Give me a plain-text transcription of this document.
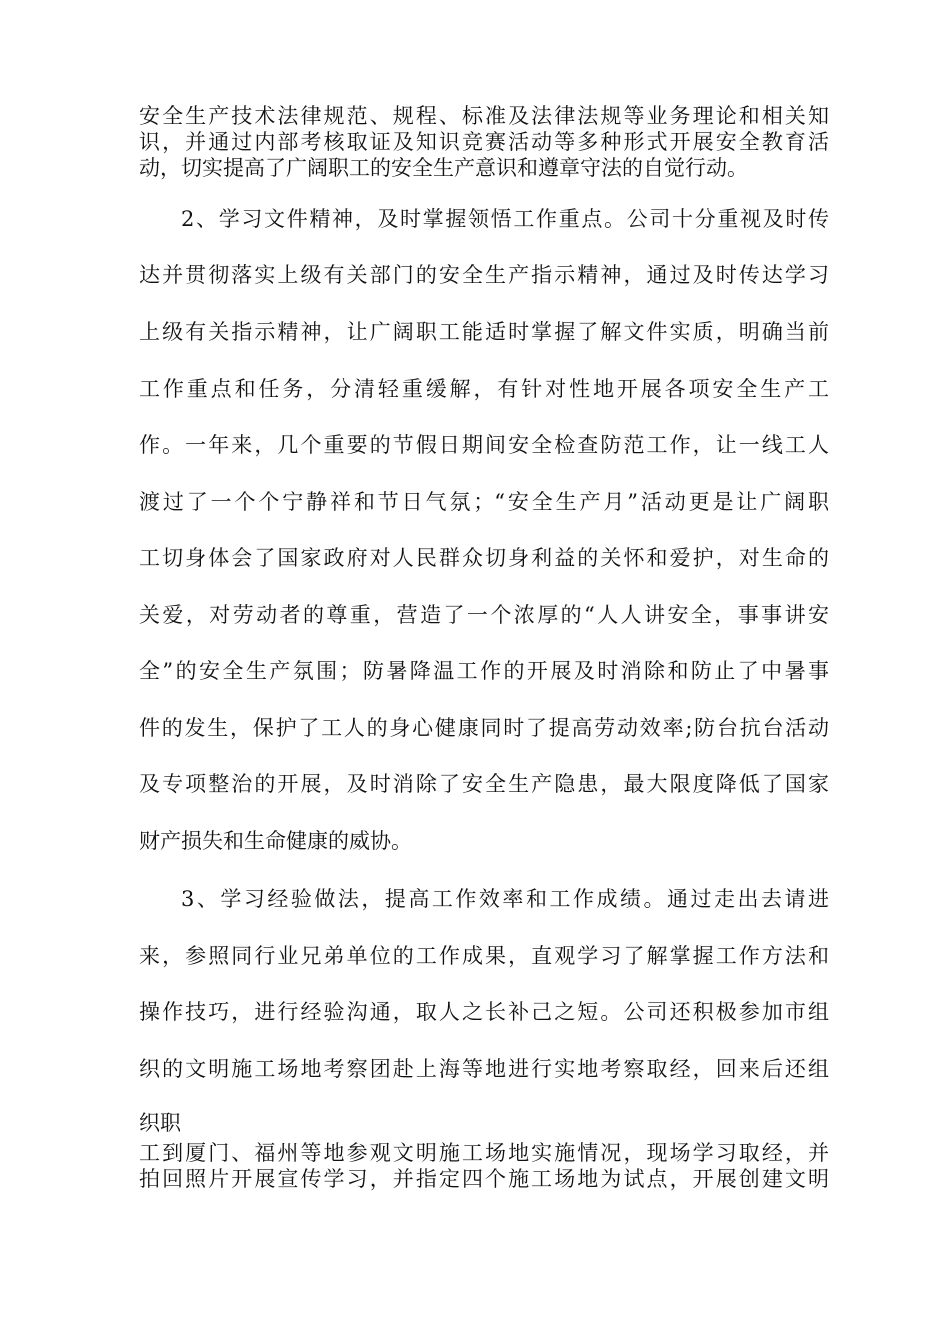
安全生产技术法律规范、规程、标准及法律法规等业务理论和相关知

识，并通过内部考核取证及知识竞赛活动等多种形式开展安全教育活

动，切实提高了广阔职工的安全生产意识和遵章守法的自觉行动。

2、学习文件精神，及时掌握领悟工作重点。公司十分重视及时传

达并贯彻落实上级有关部门的安全生产指示精神，通过及时传达学习

上级有关指示精神，让广阔职工能适时掌握了解文件实质，明确当前

工作重点和任务，分清轻重缓解，有针对性地开展各项安全生产工

作。一年来，几个重要的节假日期间安全检查防范工作，让一线工人

渡过了一个个宁静祥和节日气氛；“安全生产月”活动更是让广阔职

工切身体会了国家政府对人民群众切身利益的关怀和爱护，对生命的

关爱，对劳动者的尊重，营造了一个浓厚的“人人讲安全，事事讲安

全”的安全生产氛围；防暑降温工作的开展及时消除和防止了中暑事

件的发生，保护了工人的身心健康同时了提高劳动效率;防台抗台活动

及专项整治的开展，及时消除了安全生产隐患，最大限度降低了国家

财产损失和生命健康的威协。

3、学习经验做法，提高工作效率和工作成绩。通过走出去请进

来，参照同行业兄弟单位的工作成果，直观学习了解掌握工作方法和

操作技巧，进行经验沟通，取人之长补己之短。公司还积极参加市组

织的文明施工场地考察团赴上海等地进行实地考察取经，回来后还组

织职

工到厦门、福州等地参观文明施工场地实施情况，现场学习取经，并

拍回照片开展宣传学习，并指定四个施工场地为试点，开展创建文明
